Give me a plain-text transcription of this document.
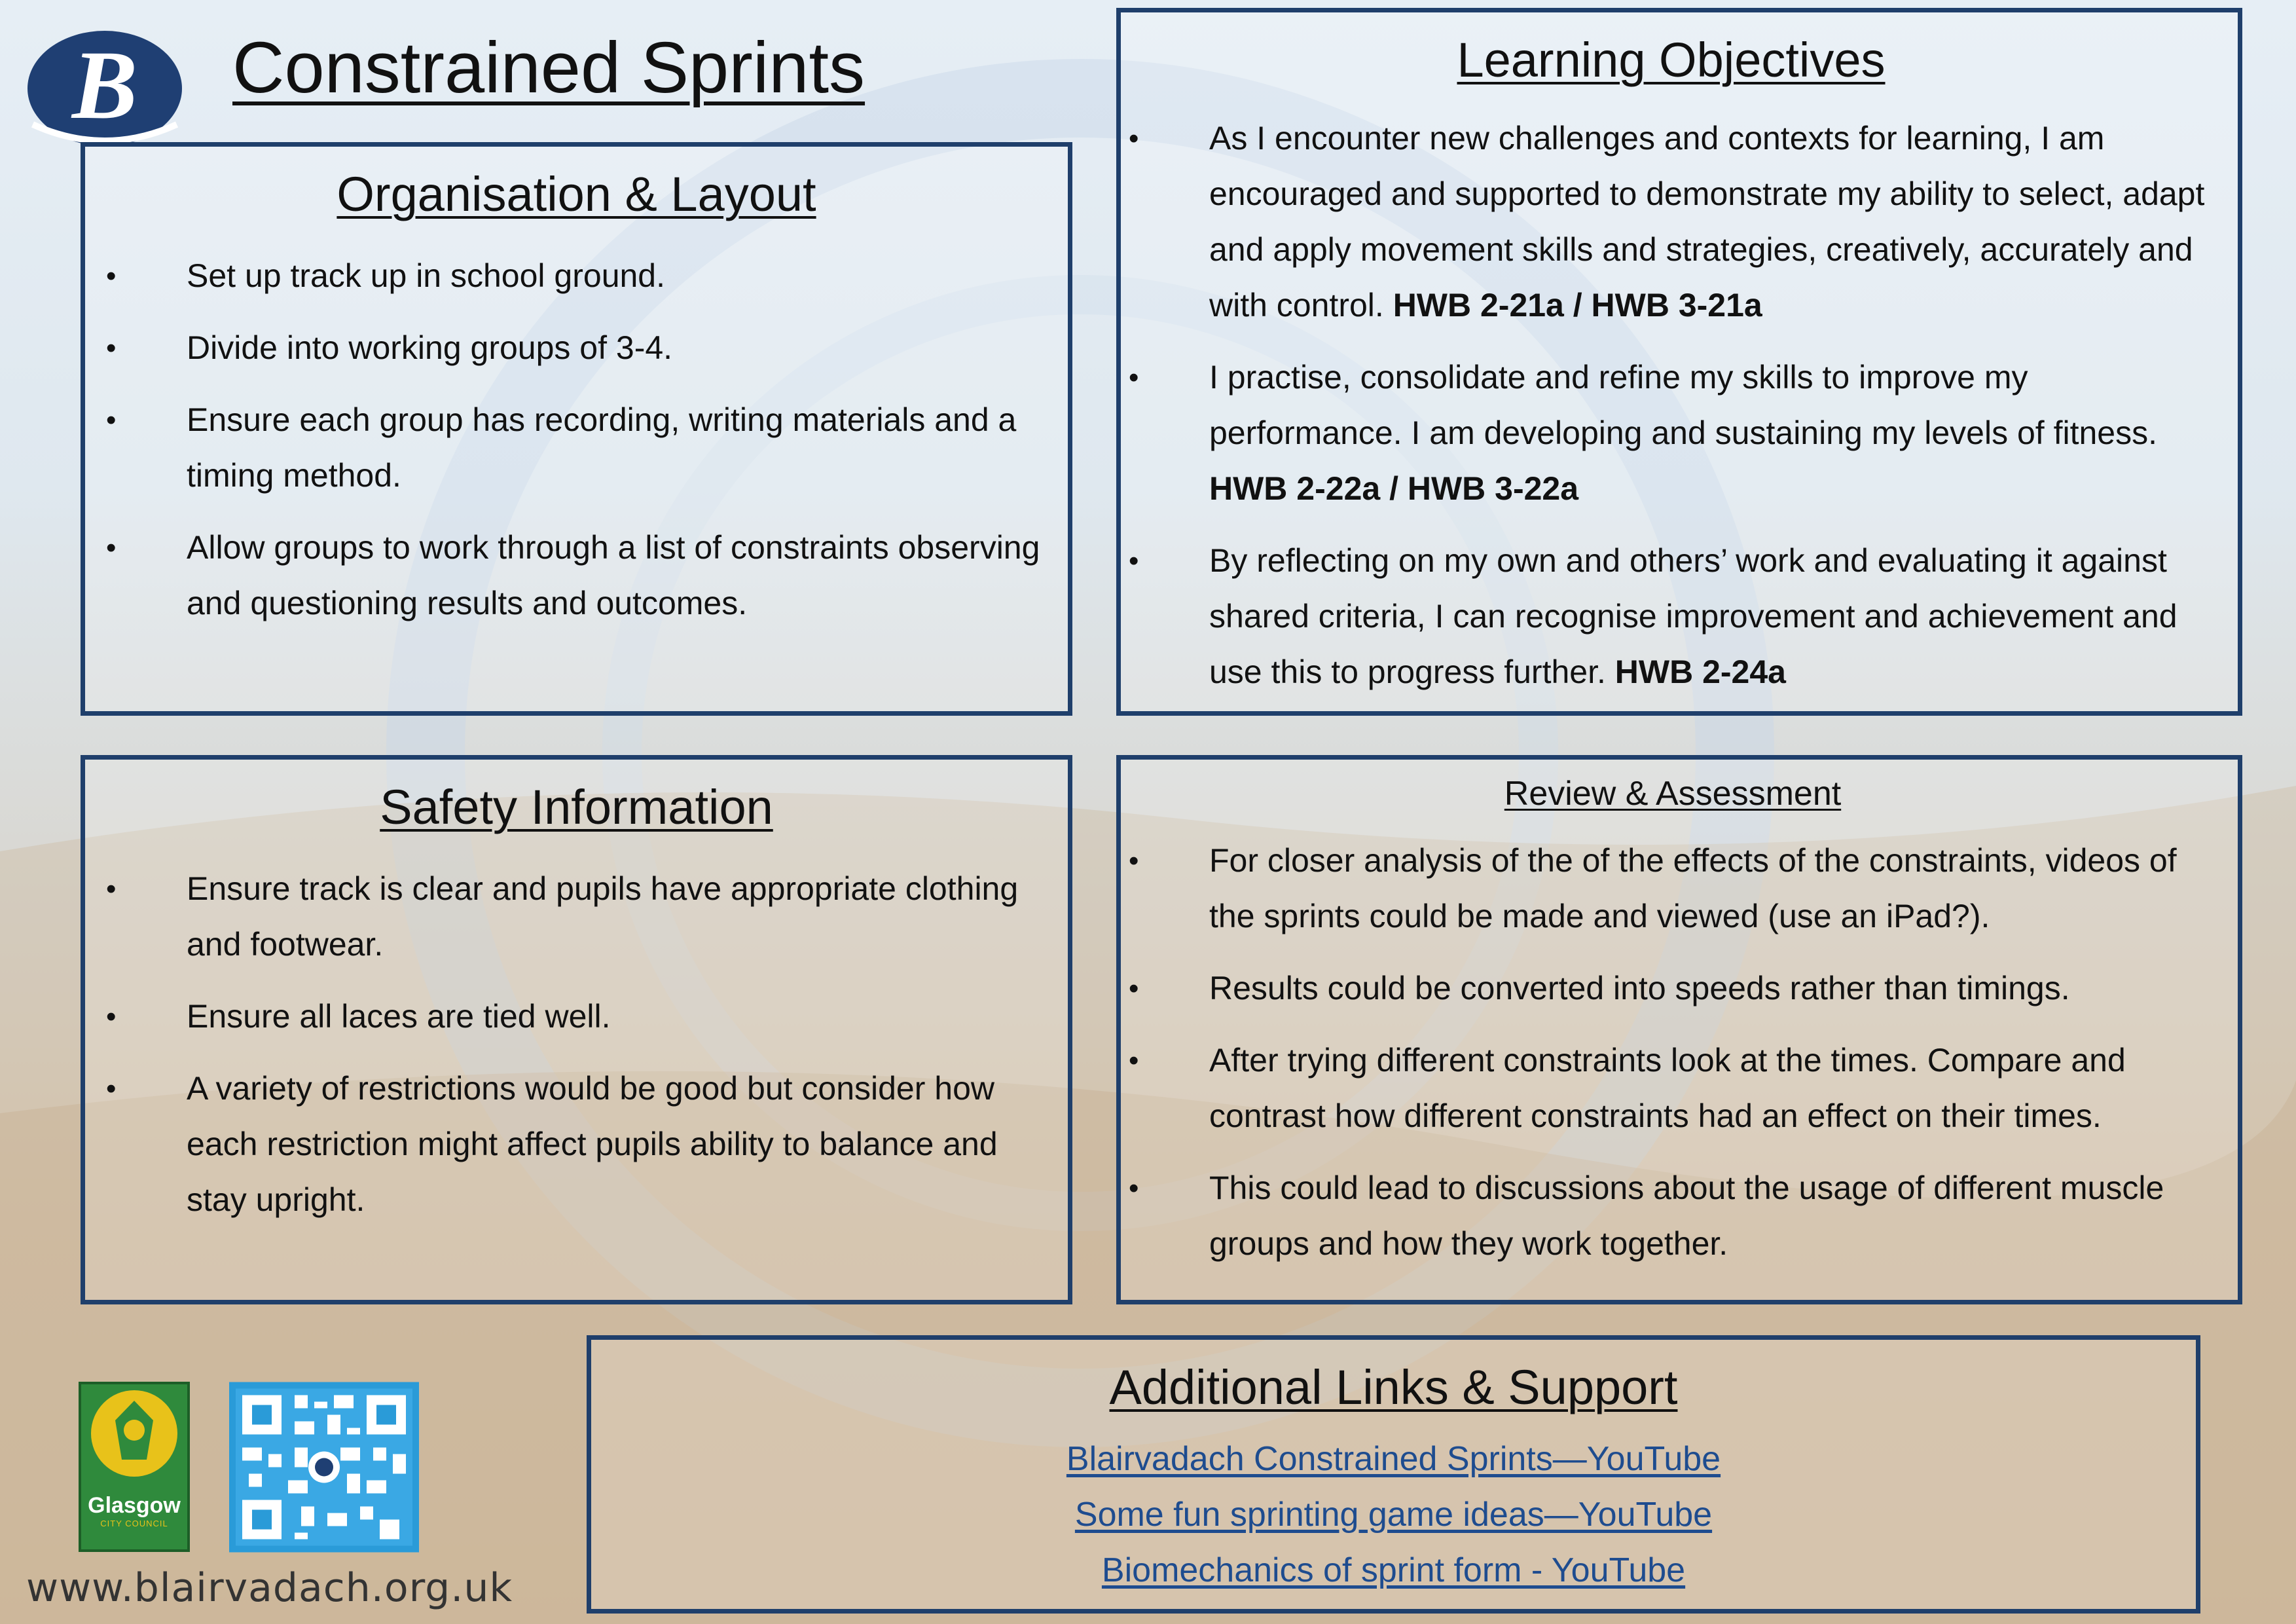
B Constrained Sprints
Organisation & Layout
• Set up track up in school ground.
• Divide into working groups of 3-4.
• Ensure each group has recording, writing materials and a timing method.
• Allow groups to work through a list of constraints observing and questioning results and outcomes.
Learning Objectives
• As I encounter new challenges and contexts for learning, I am encouraged and supported to demonstrate my ability to select, adapt and apply movement skills and strategies, creatively, accurately and with control. HWB 2-21a / HWB 3-21a
• I practise, consolidate and refine my skills to improve my performance. I am developing and sustaining my levels of fitness. HWB 2-22a / HWB 3-22a
• By reflecting on my own and others’ work and evaluating it against shared criteria, I can recognise improvement and achievement and use this to progress further. HWB 2-24a
Safety Information
• Ensure track is clear and pupils have appropriate clothing and footwear.
• Ensure all laces are tied well.
• A variety of restrictions would be good but consider how each restriction might affect pupils ability to balance and stay upright.
Review & Assessment
• For closer analysis of the of the effects of the constraints, videos of the sprints could be made and viewed (use an iPad?).
• Results could be converted into speeds rather than timings.
• After trying different constraints look at the times. Compare and contrast how different constraints had an effect on their times.
• This could lead to discussions about the usage of different muscle groups and how they work together.
Additional Links & Support
Blairvadach Constrained Sprints—YouTube
Some fun sprinting game ideas—YouTube
Biomechanics of sprint form - YouTube
Glasgow
CITY COUNCIL
www.blairvadach.org.uk
